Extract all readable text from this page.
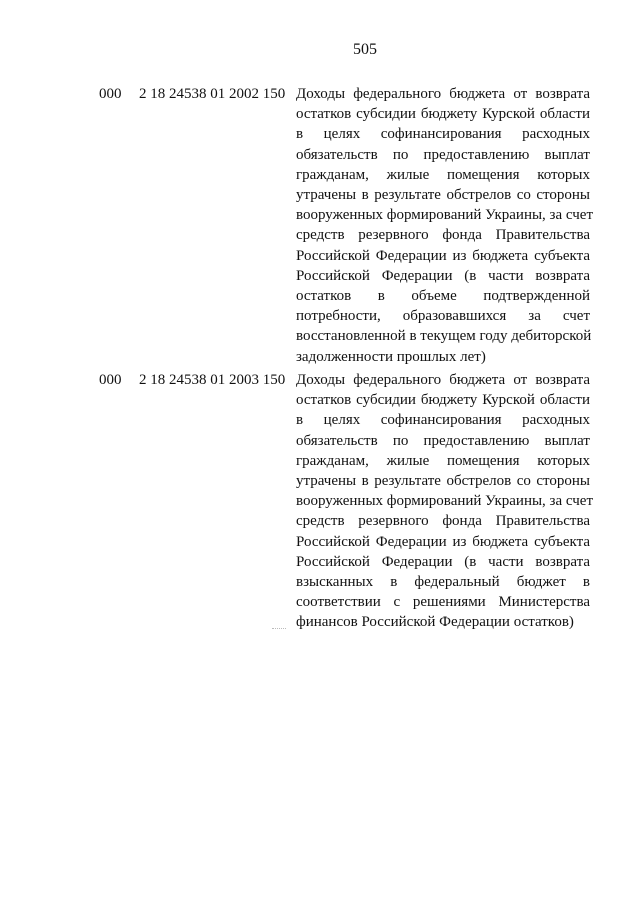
505
000 2 18 24538 01 2002 150 Доходы федерального бюджета от возврата
остатков субсидии бюджету Курской области
в целях софинансирования расходных
обязательств по предоставлению выплат
гражданам, жилые помещения которых
утрачены в результате обстрелов со стороны
вооруженных формирований Украины, за счет
средств резервного фонда Правительства
Российской Федерации из бюджета субъекта
Российской Федерации (в части возврата
остатков в объеме подтвержденной
потребности, образовавшихся за счет
восстановленной в текущем году дебиторской
задолженности прошлых лет)
000 2 18 24538 01 2003 150 Доходы федерального бюджета от возврата
остатков субсидии бюджету Курской области
в целях софинансирования расходных
обязательств по предоставлению выплат
гражданам, жилые помещения которых
утрачены в результате обстрелов со стороны
вооруженных формирований Украины, за счет
средств резервного фонда Правительства
Российской Федерации из бюджета субъекта
Российской Федерации (в части возврата
взысканных в федеральный бюджет в
соответствии с решениями Министерства
финансов Российской Федерации остатков)
